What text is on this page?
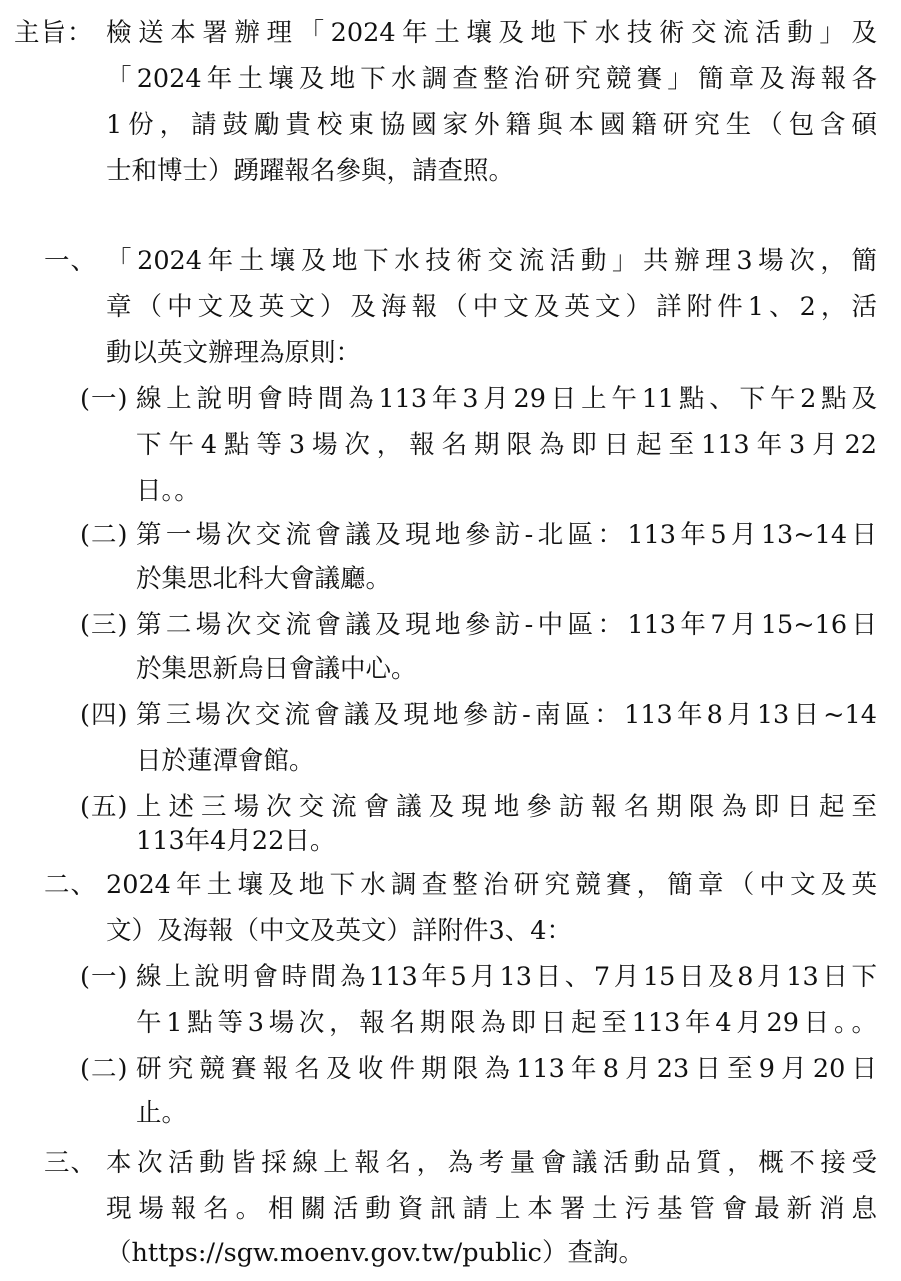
主旨： 檢送本署辦理「2024年土壤及地下水技術交流活動」及
「2024年土壤及地下水調查整治研究競賽」簡章及海報各
1份，請鼓勵貴校東協國家外籍與本國籍研究生（包含碩
士和博士）踴躍報名參與，請查照。
一、 「2024年土壤及地下水技術交流活動」共辦理3場次，簡
章（中文及英文）及海報（中文及英文）詳附件1、2，活
動以英文辦理為原則：
(一) 線上說明會時間為113年3月29日上午11點、下午2點及
下午4點等3場次，報名期限為即日起至113年3月22
日。。
(二) 第一場次交流會議及現地參訪-北區：113年5月13~14日
於集思北科大會議廳。
(三) 第二場次交流會議及現地參訪-中區：113年7月15~16日
於集思新烏日會議中心。
(四) 第三場次交流會議及現地參訪-南區：113年8月13日~14
日於蓮潭會館。
(五) 上述三場次交流會議及現地參訪報名期限為即日起至
113年4月22日。
二、 2024年土壤及地下水調查整治研究競賽，簡章（中文及英
文）及海報（中文及英文）詳附件3、4：
(一) 線上說明會時間為113年5月13日、7月15日及8月13日下
午1點等3場次，報名期限為即日起至113年4月29日。。
(二) 研究競賽報名及收件期限為113年8月23日至9月20日
止。
三、 本次活動皆採線上報名，為考量會議活動品質，概不接受
現場報名。相關活動資訊請上本署土污基管會最新消息
（https://sgw.moenv.gov.tw/public）查詢。
